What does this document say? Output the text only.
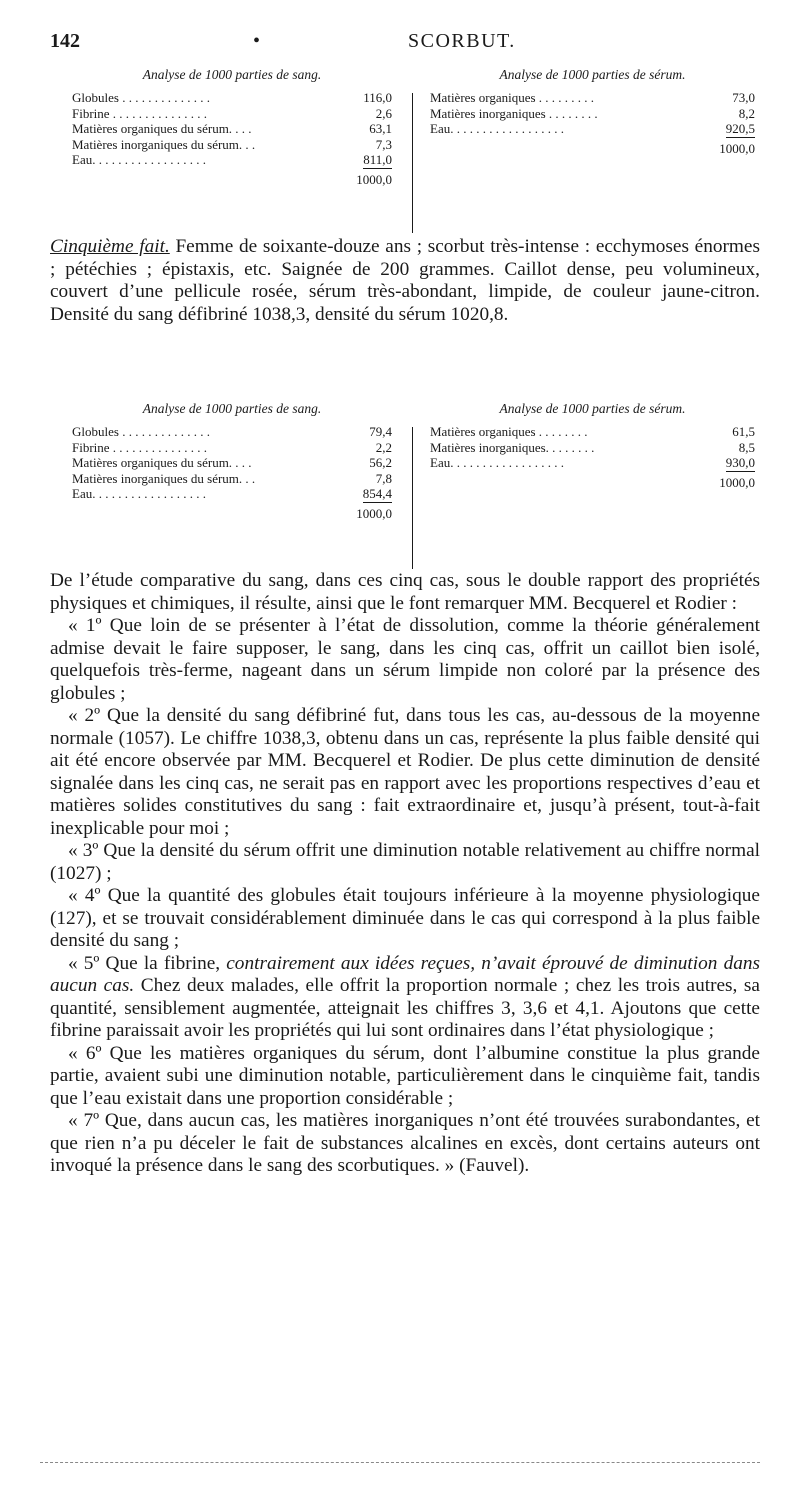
142	•	SCORBUT.
Analyse de 1000 parties de sang.
Globules . . . . . . . . . . . . . .	116,0
Fibrine . . . . . . . . . . . . . . .	2,6
Matières organiques du sérum. . . .	63,1
Matières inorganiques du sérum. . .	7,3
Eau. . . . . . . . . . . . . . . . . .	811,0
1000,0
Analyse de 1000 parties de sérum.
Matières organiques . . . . . . . . .	73,0
Matières inorganiques . . . . . . . .	8,2
Eau. . . . . . . . . . . . . . . . . .	920,5
1000,0

Cinquième fait. Femme de soixante-douze ans ; scorbut très-intense : ecchymoses énormes ; pétéchies ; épistaxis, etc. Saignée de 200 grammes. Caillot dense, peu volumineux, couvert d’une pellicule rosée, sérum très-abondant, limpide, de couleur jaune-citron. Densité du sang défibriné 1038,3, densité du sérum 1020,8.

Analyse de 1000 parties de sang.
Globules . . . . . . . . . . . . . .	79,4
Fibrine . . . . . . . . . . . . . . .	2,2
Matières organiques du sérum. . . .	56,2
Matières inorganiques du sérum. . .	7,8
Eau. . . . . . . . . . . . . . . . . .	854,4
1000,0
Analyse de 1000 parties de sérum.
Matières organiques . . . . . . . .	61,5
Matières inorganiques. . . . . . . .	8,5
Eau. . . . . . . . . . . . . . . . . .	930,0
1000,0

De l’étude comparative du sang, dans ces cinq cas, sous le double rapport des propriétés physiques et chimiques, il résulte, ainsi que le font remarquer MM. Becquerel et Rodier :

« 1º Que loin de se présenter à l’état de dissolution, comme la théorie généralement admise devait le faire supposer, le sang, dans les cinq cas, offrit un caillot bien isolé, quelquefois très-ferme, nageant dans un sérum limpide non coloré par la présence des globules ;

« 2º Que la densité du sang défibriné fut, dans tous les cas, au-dessous de la moyenne normale (1057). Le chiffre 1038,3, obtenu dans un cas, représente la plus faible densité qui ait été encore observée par MM. Becquerel et Rodier. De plus cette diminution de densité signalée dans les cinq cas, ne serait pas en rapport avec les proportions respectives d’eau et matières solides constitutives du sang : fait extraordinaire et, jusqu’à présent, tout-à-fait inexplicable pour moi ;

« 3º Que la densité du sérum offrit une diminution notable relativement au chiffre normal (1027) ;

« 4º Que la quantité des globules était toujours inférieure à la moyenne physiologique (127), et se trouvait considérablement diminuée dans le cas qui correspond à la plus faible densité du sang ;

« 5º Que la fibrine, contrairement aux idées reçues, n’avait éprouvé de diminution dans aucun cas. Chez deux malades, elle offrit la proportion normale ; chez les trois autres, sa quantité, sensiblement augmentée, atteignait les chiffres 3, 3,6 et 4,1. Ajoutons que cette fibrine paraissait avoir les propriétés qui lui sont ordinaires dans l’état physiologique ;

« 6º Que les matières organiques du sérum, dont l’albumine constitue la plus grande partie, avaient subi une diminution notable, particulièrement dans le cinquième fait, tandis que l’eau existait dans une proportion considérable ;

« 7º Que, dans aucun cas, les matières inorganiques n’ont été trouvées surabondantes, et que rien n’a pu déceler le fait de substances alcalines en excès, dont certains auteurs ont invoqué la présence dans le sang des scorbutiques. » (Fauvel).
